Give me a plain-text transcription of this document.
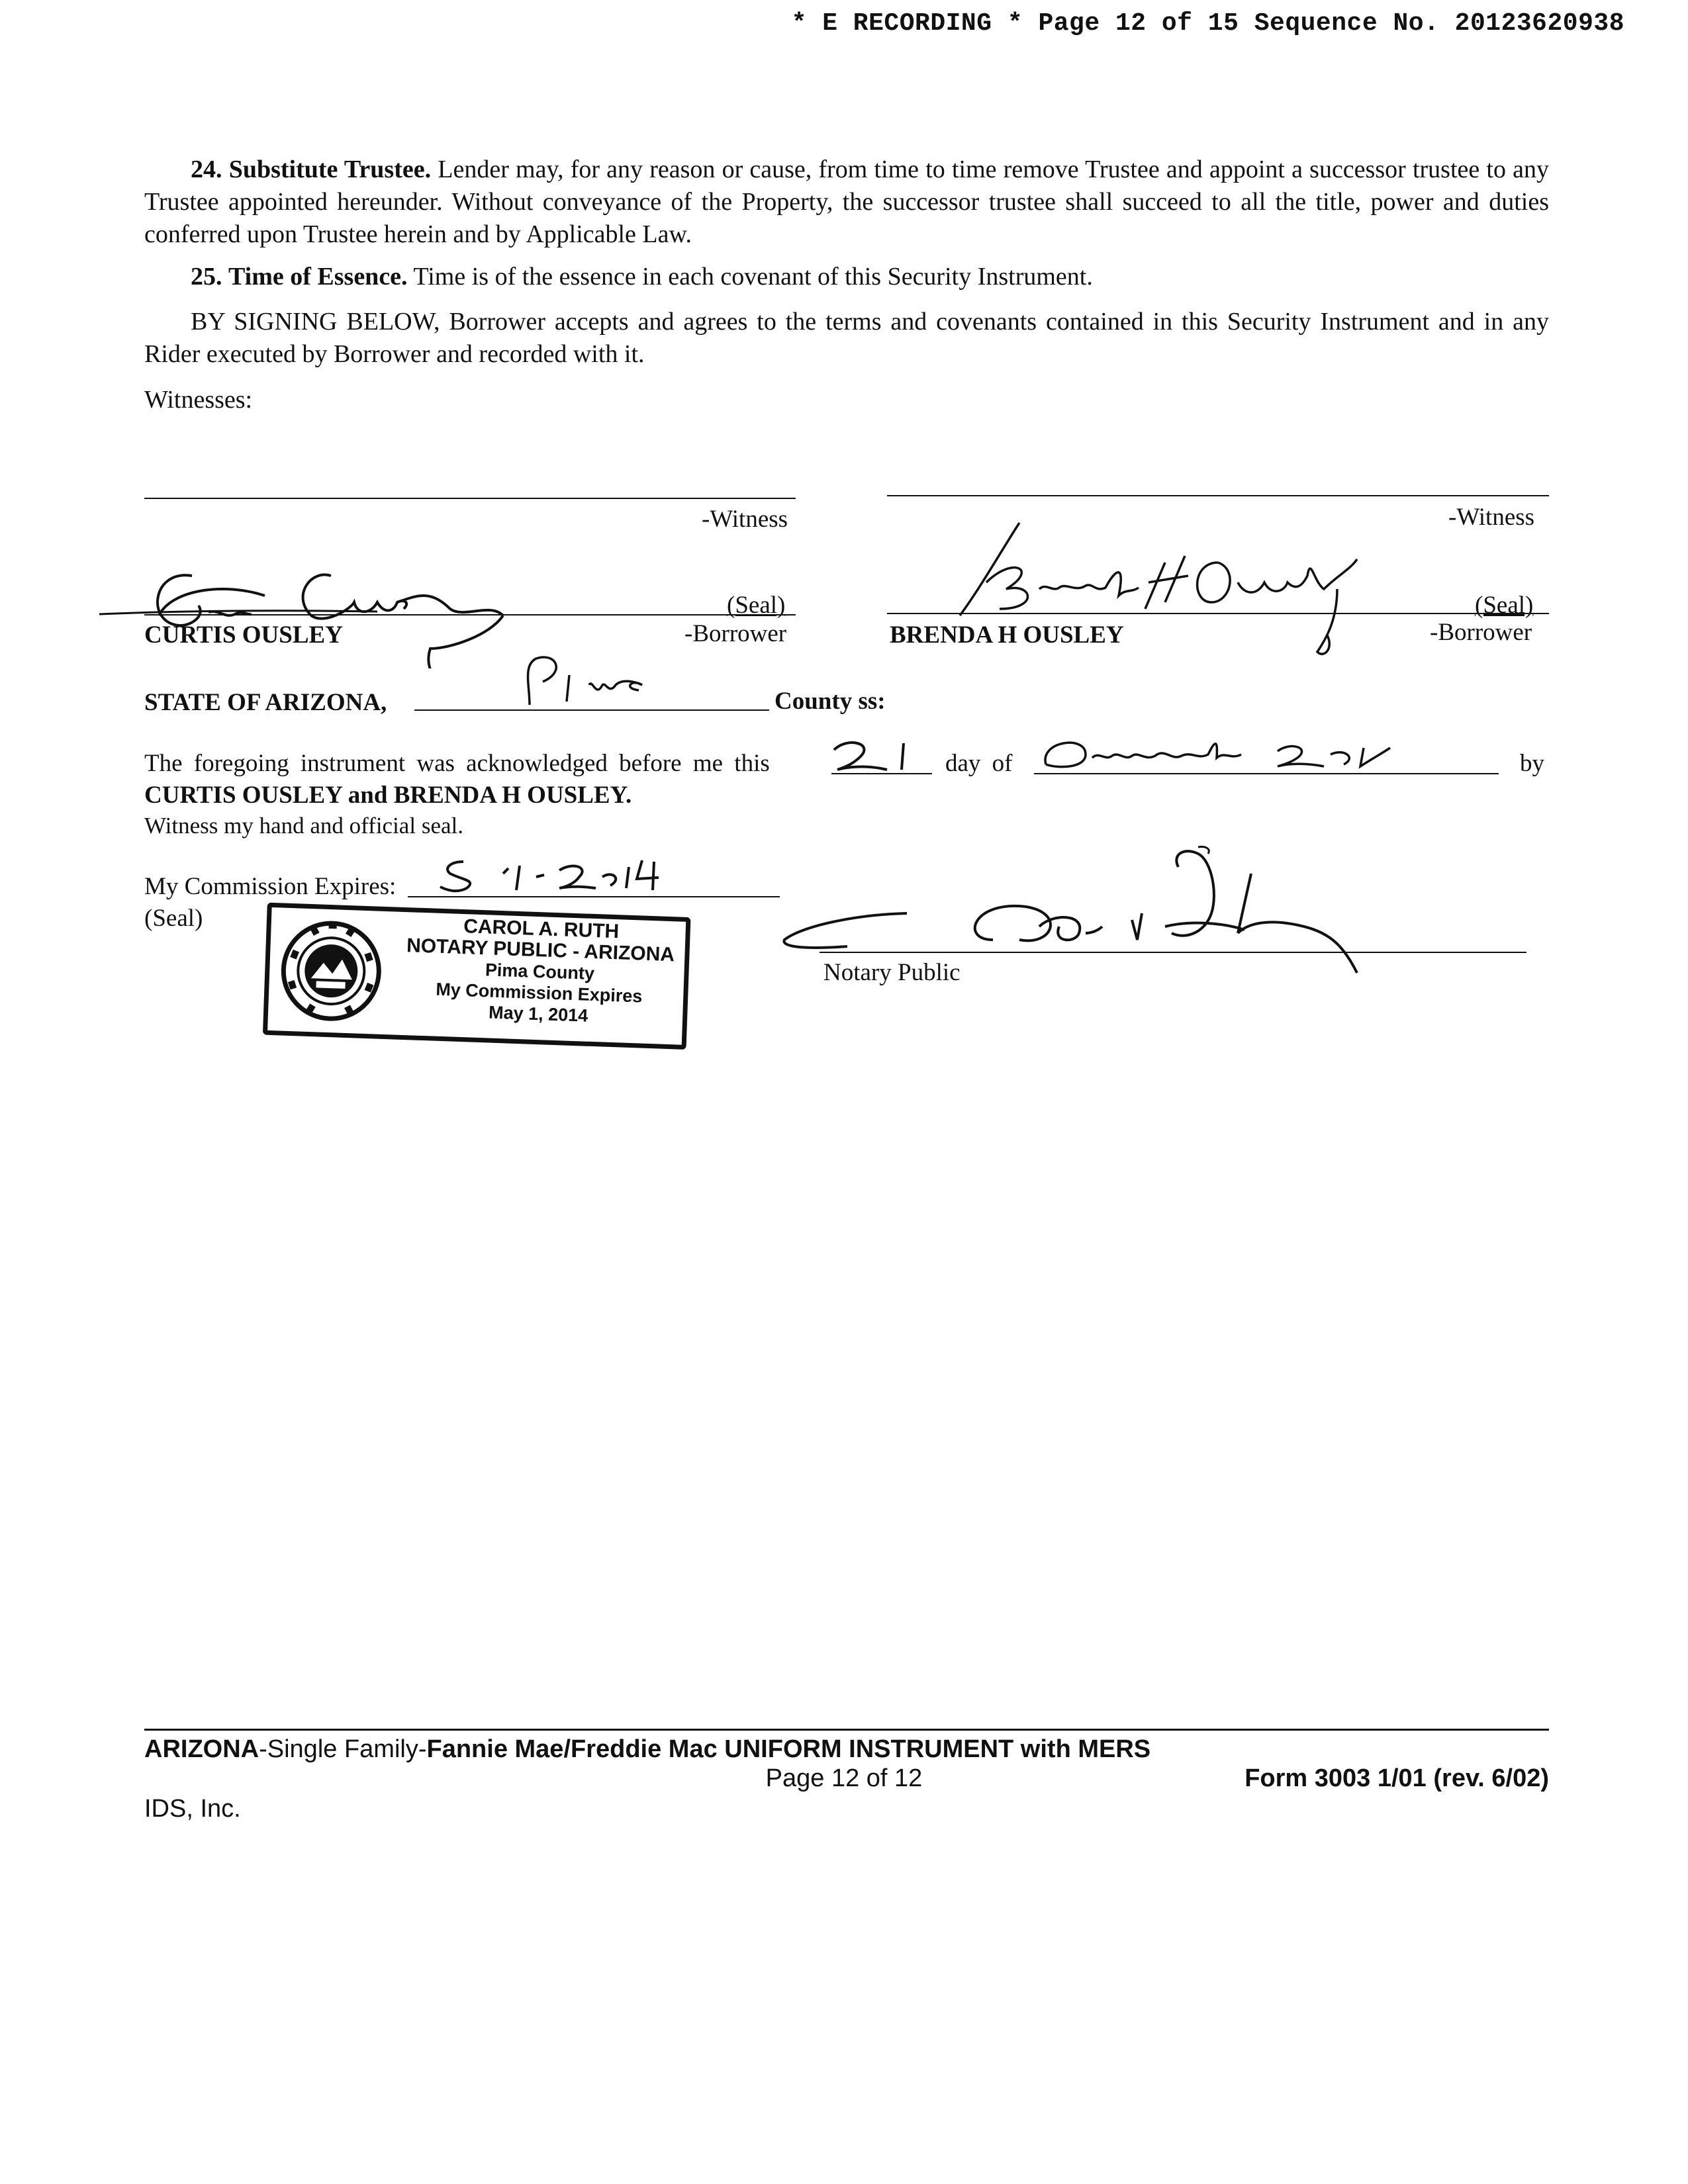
* E RECORDING * Page 12 of 15 Sequence No. 20123620938
24. Substitute Trustee. Lender may, for any reason or cause, from time to time remove Trustee and appoint a successor trustee to any Trustee appointed hereunder. Without conveyance of the Property, the successor trustee shall succeed to all the title, power and duties conferred upon Trustee herein and by Applicable Law.
25. Time of Essence. Time is of the essence in each covenant of this Security Instrument.
BY SIGNING BELOW, Borrower accepts and agrees to the terms and covenants contained in this Security Instrument and in any Rider executed by Borrower and recorded with it.
Witnesses:
-Witness	-Witness
(Seal)
CURTIS OUSLEY	-Borrower
(Seal)
BRENDA H OUSLEY	-Borrower
STATE OF ARIZONA,	County ss:
The foregoing instrument was acknowledged before me this	day of	by
CURTIS OUSLEY and BRENDA H OUSLEY.
Witness my hand and official seal.
My Commission Expires:
(Seal)	CAROL A. RUTH
NOTARY PUBLIC - ARIZONA
Pima County
My Commission Expires
May 1, 2014
Notary Public
ARIZONA-Single Family-Fannie Mae/Freddie Mac UNIFORM INSTRUMENT with MERS
Page 12 of 12	Form 3003 1/01 (rev. 6/02)
IDS, Inc.
